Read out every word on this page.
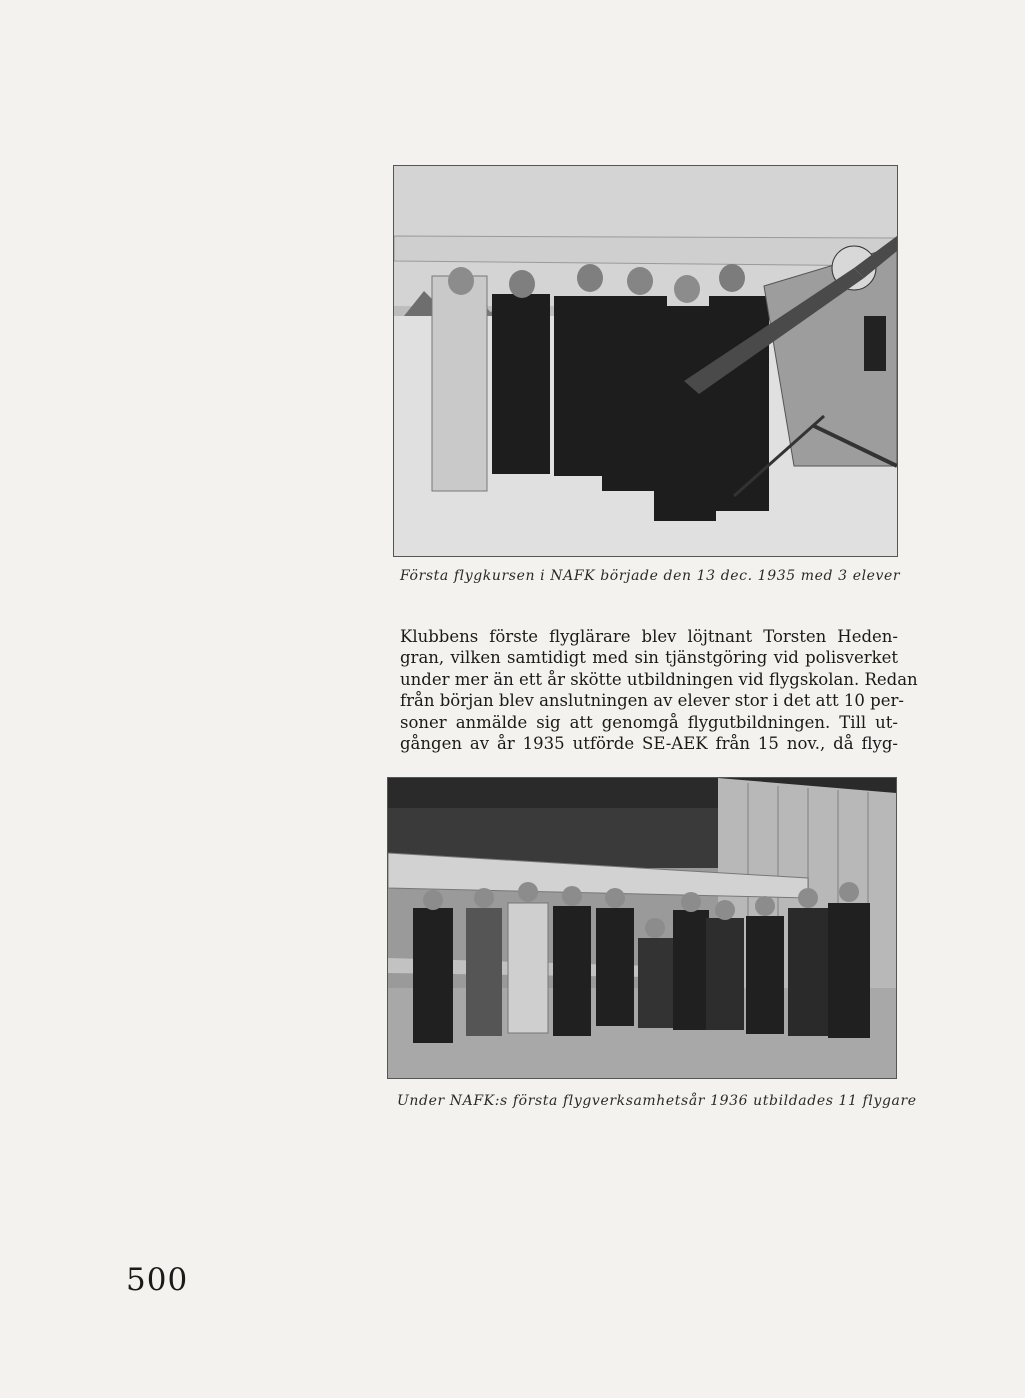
Första flygkursen i NAFK började den 13 dec. 1935 med 3 elever
Klubbens förste flyglärare blev löjtnant Torsten Heden-
gran, vilken samtidigt med sin tjänstgöring vid polisverket
under mer än ett år skötte utbildningen vid flygskolan. Redan
från början blev anslutningen av elever stor i det att 10 per-
soner anmälde sig att genomgå flygutbildningen. Till ut-
gången av år 1935 utförde SE-AEK från 15 nov., då flyg-
Under NAFK:s första flygverksamhetsår 1936 utbildades 11 flygare
500
